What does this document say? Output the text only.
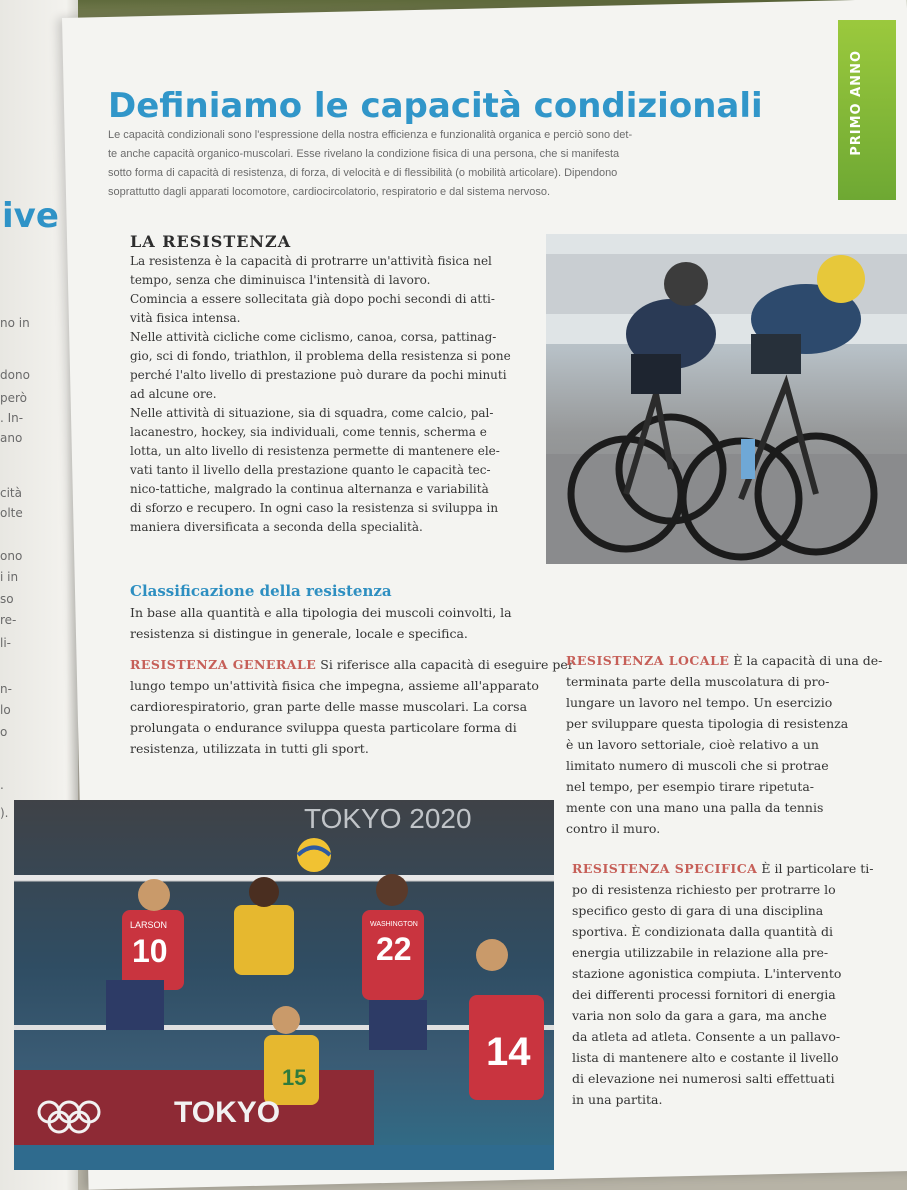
no in
dono
però
. In-
ano
cità
olte
ono
i in
so
re-
li-
n-
lo
o
.
).
ive
PRIMO ANNO
Definiamo le capacità condizionali
Le capacità condizionali sono l'espressione della nostra efficienza e funzionalità organica e perciò sono det-
te anche capacità organico-muscolari. Esse rivelano la condizione fisica di una persona, che si manifesta
sotto forma di capacità di resistenza, di forza, di velocità e di flessibilità (o mobilità articolare). Dipendono
soprattutto dagli apparati locomotore, cardiocircolatorio, respiratorio e dal sistema nervoso.
LA RESISTENZA
La resistenza è la capacità di protrarre un'attività fisica nel
tempo, senza che diminuisca l'intensità di lavoro.
Comincia a essere sollecitata già dopo pochi secondi di atti-
vità fisica intensa.
Nelle attività cicliche come ciclismo, canoa, corsa, pattinag-
gio, sci di fondo, triathlon, il problema della resistenza si pone
perché l'alto livello di prestazione può durare da pochi minuti
ad alcune ore.
Nelle attività di situazione, sia di squadra, come calcio, pal-
lacanestro, hockey, sia individuali, come tennis, scherma e
lotta, un alto livello di resistenza permette di mantenere ele-
vati tanto il livello della prestazione quanto le capacità tec-
nico-tattiche, malgrado la continua alternanza e variabilità
di sforzo e recupero. In ogni caso la resistenza si sviluppa in
maniera diversificata a seconda della specialità.
Classificazione della resistenza
In base alla quantità e alla tipologia dei muscoli coinvolti, la
resistenza si distingue in generale, locale e specifica.
RESISTENZA GENERALE Si riferisce alla capacità di eseguire per
lungo tempo un'attività fisica che impegna, assieme all'apparato
cardiorespiratorio, gran parte delle masse muscolari. La corsa
prolungata o endurance sviluppa questa particolare forma di
resistenza, utilizzata in tutti gli sport.
RESISTENZA LOCALE È la capacità di una de-
terminata parte della muscolatura di pro-
lungare un lavoro nel tempo. Un esercizio
per sviluppare questa tipologia di resistenza
è un lavoro settoriale, cioè relativo a un
limitato numero di muscoli che si protrae
nel tempo, per esempio tirare ripetuta-
mente con una mano una palla da tennis
contro il muro.
RESISTENZA SPECIFICA È il particolare ti-
po di resistenza richiesto per protrarre lo
specifico gesto di gara di una disciplina
sportiva. È condizionata dalla quantità di
energia utilizzabile in relazione alla pre-
stazione agonistica compiuta. L'intervento
dei differenti processi fornitori di energia
varia non solo da gara a gara, ma anche
da atleta ad atleta. Consente a un pallavo-
lista di mantenere alto e costante il livello
di elevazione nei numerosi salti effettuati
in una partita.
TOKYO 2020
TOKYO
10	22
14
15
LARSON	WASHINGTON
